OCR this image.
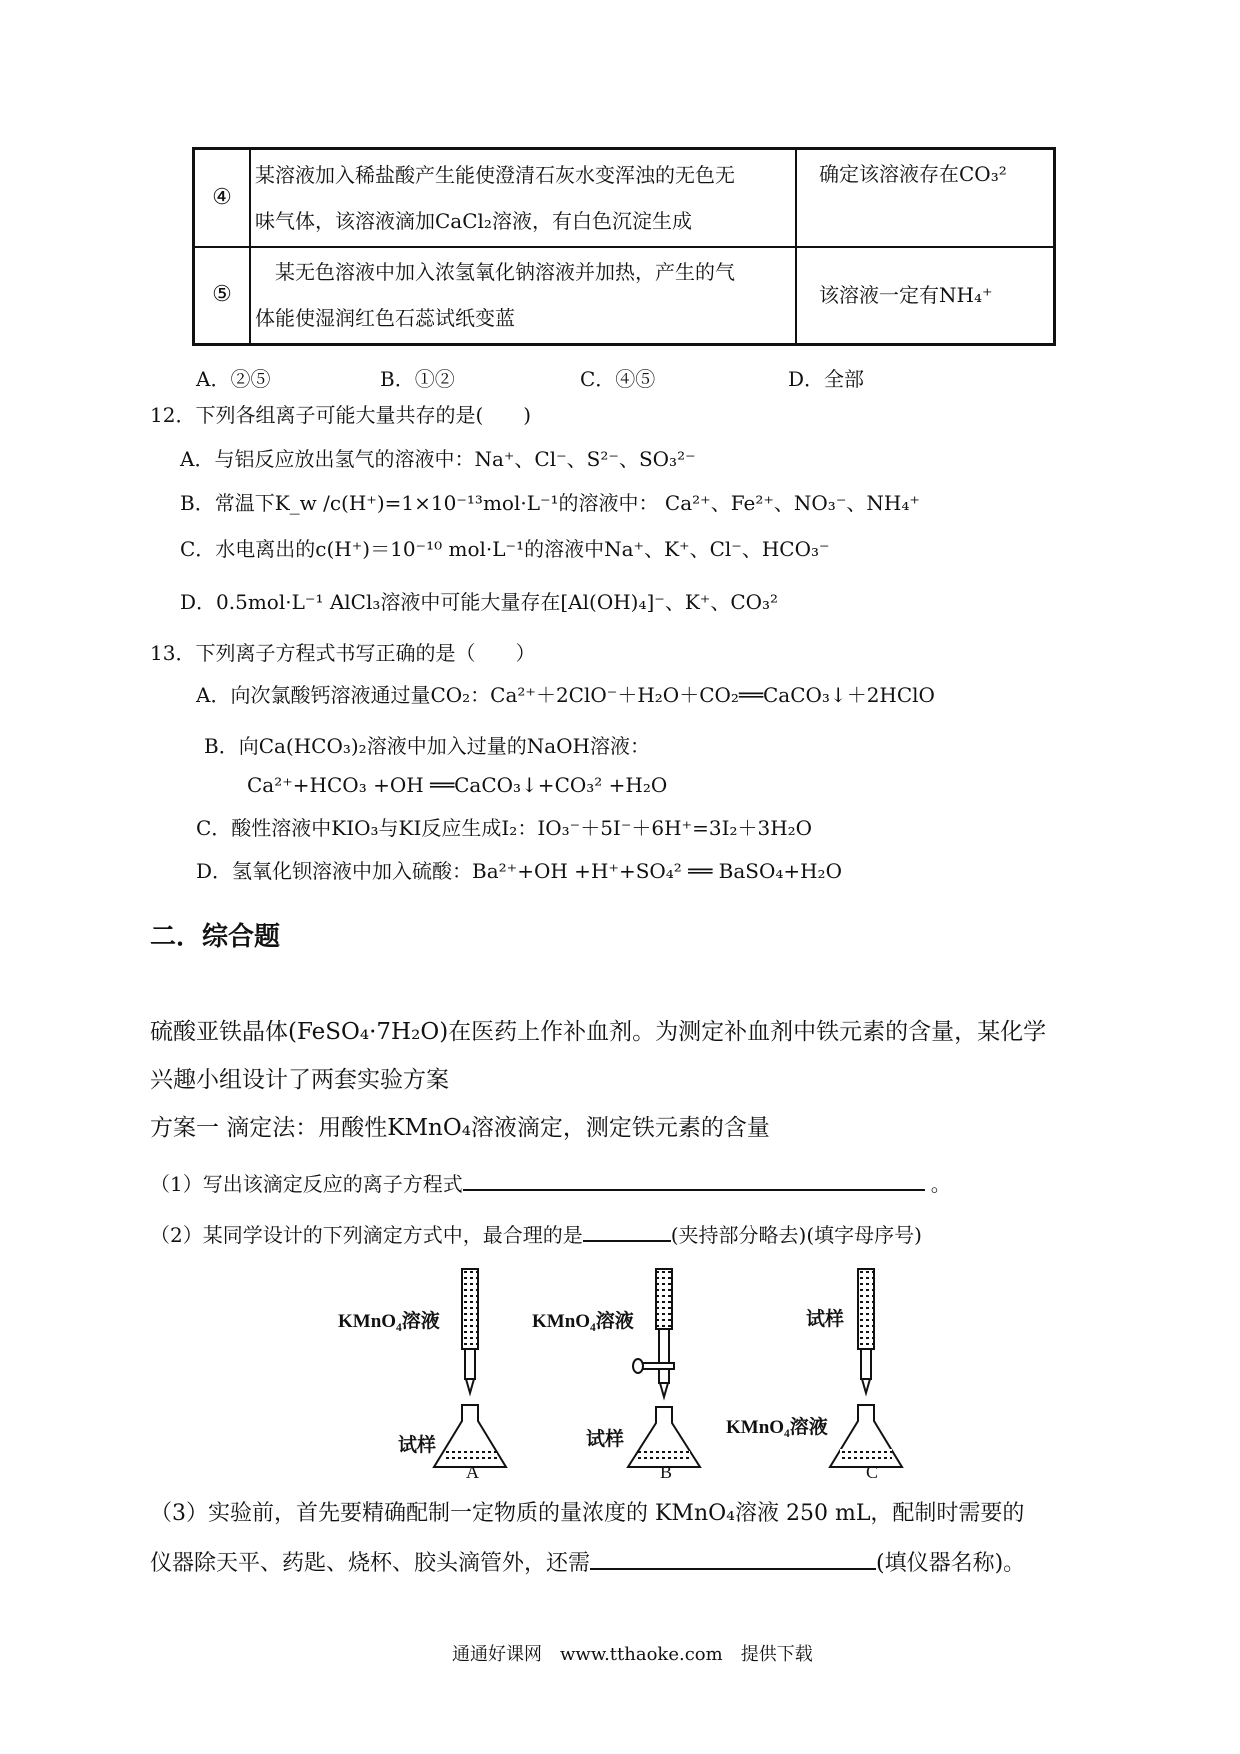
④	某溶液加入稀盐酸产生能使澄清石灰水变浑浊的无色无
味气体，该溶液滴加CaCl₂溶液，有白色沉淀生成	确定该溶液存在CO₃²
⑤	　某无色溶液中加入浓氢氧化钠溶液并加热，产生的气
体能使湿润红色石蕊试纸变蓝	该溶液一定有NH₄⁺
A．②⑤	B．①②	C．④⑤	D．全部
12．下列各组离子可能大量共存的是(　　)
A．与铝反应放出氢气的溶液中：Na⁺、Cl⁻、S²⁻、SO₃²⁻
B．常温下K_w /c(H⁺)=1×10⁻¹³mol·L⁻¹的溶液中： Ca²⁺、Fe²⁺、NO₃⁻、NH₄⁺
C．水电离出的c(H⁺)＝10⁻¹⁰ mol·L⁻¹的溶液中Na⁺、K⁺、Cl⁻、HCO₃⁻
D．0.5mol·L⁻¹ AlCl₃溶液中可能大量存在[Al(OH)₄]⁻、K⁺、CO₃²
13．下列离子方程式书写正确的是（　　）
A．向次氯酸钙溶液通过量CO₂：Ca²⁺＋2ClO⁻＋H₂O＋CO₂══CaCO₃↓＋2HClO
B．向Ca(HCO₃)₂溶液中加入过量的NaOH溶液：
Ca²⁺+HCO₃ +OH ══CaCO₃↓+CO₃² +H₂O
C．酸性溶液中KIO₃与KI反应生成I₂：IO₃⁻＋5I⁻＋6H⁺=3I₂＋3H₂O
D．氢氧化钡溶液中加入硫酸：Ba²⁺+OH +H⁺+SO₄² ══ BaSO₄+H₂O
二．综合题
硫酸亚铁晶体(FeSO₄·7H₂O)在医药上作补血剂。为测定补血剂中铁元素的含量，某化学
兴趣小组设计了两套实验方案
方案一 滴定法：用酸性KMnO₄溶液滴定，测定铁元素的含量
（1）写出该滴定反应的离子方程式	。
（2）某同学设计的下列滴定方式中，最合理的是	(夹持部分略去)(填字母序号)
KMnO₄溶液
试样
A
KMnO₄溶液
试样
B
试样
KMnO₄溶液
C
（3）实验前，首先要精确配制一定物质的量浓度的 KMnO₄溶液 250 mL，配制时需要的
仪器除天平、药匙、烧杯、胶头滴管外，还需	(填仪器名称)。
通通好课网　www.tthaoke.com　提供下载
